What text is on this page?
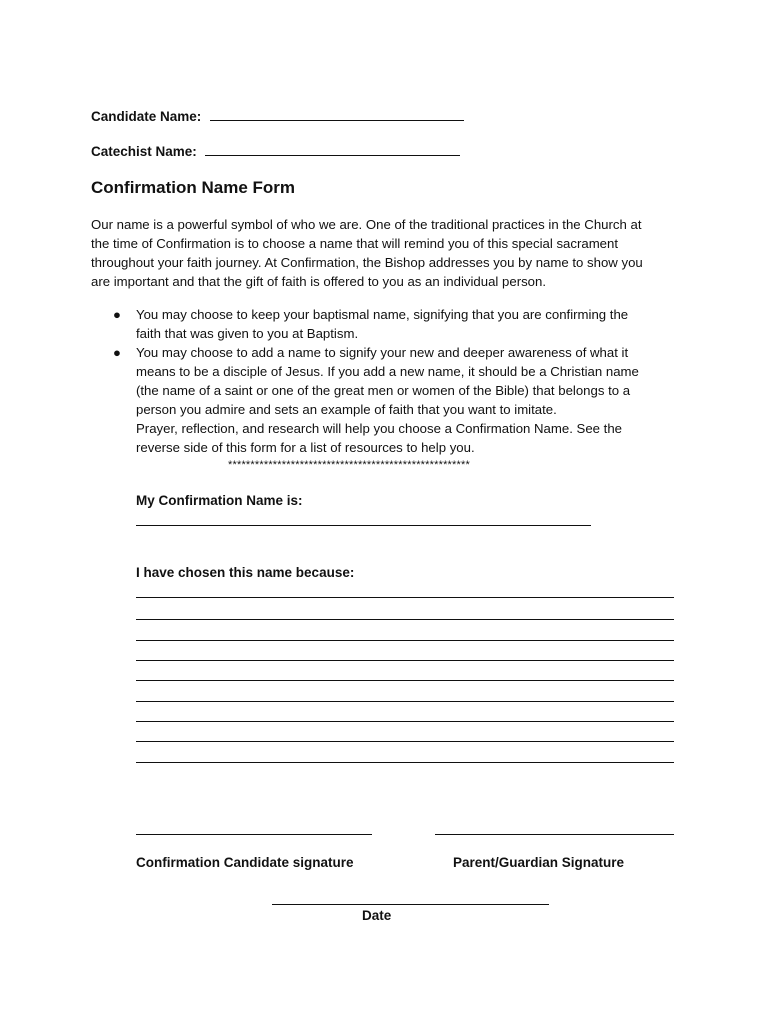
Candidate Name:
Catechist Name:
Confirmation Name Form
Our name is a powerful symbol of who we are. One of the traditional practices in the Church at
the time of Confirmation is to choose a name that will remind you of this special sacrament
throughout your faith journey. At Confirmation, the Bishop addresses you by name to show you
are important and that the gift of faith is offered to you as an individual person.
● You may choose to keep your baptismal name, signifying that you are confirming the
faith that was given to you at Baptism.
● You may choose to add a name to signify your new and deeper awareness of what it
means to be a disciple of Jesus. If you add a new name, it should be a Christian name
(the name of a saint or one of the great men or women of the Bible) that belongs to a
person you admire and sets an example of faith that you want to imitate.
Prayer, reflection, and research will help you choose a Confirmation Name. See the
reverse side of this form for a list of resources to help you.
******************************************************
My Confirmation Name is:
I have chosen this name because:
Confirmation Candidate signature	Parent/Guardian Signature
Date
